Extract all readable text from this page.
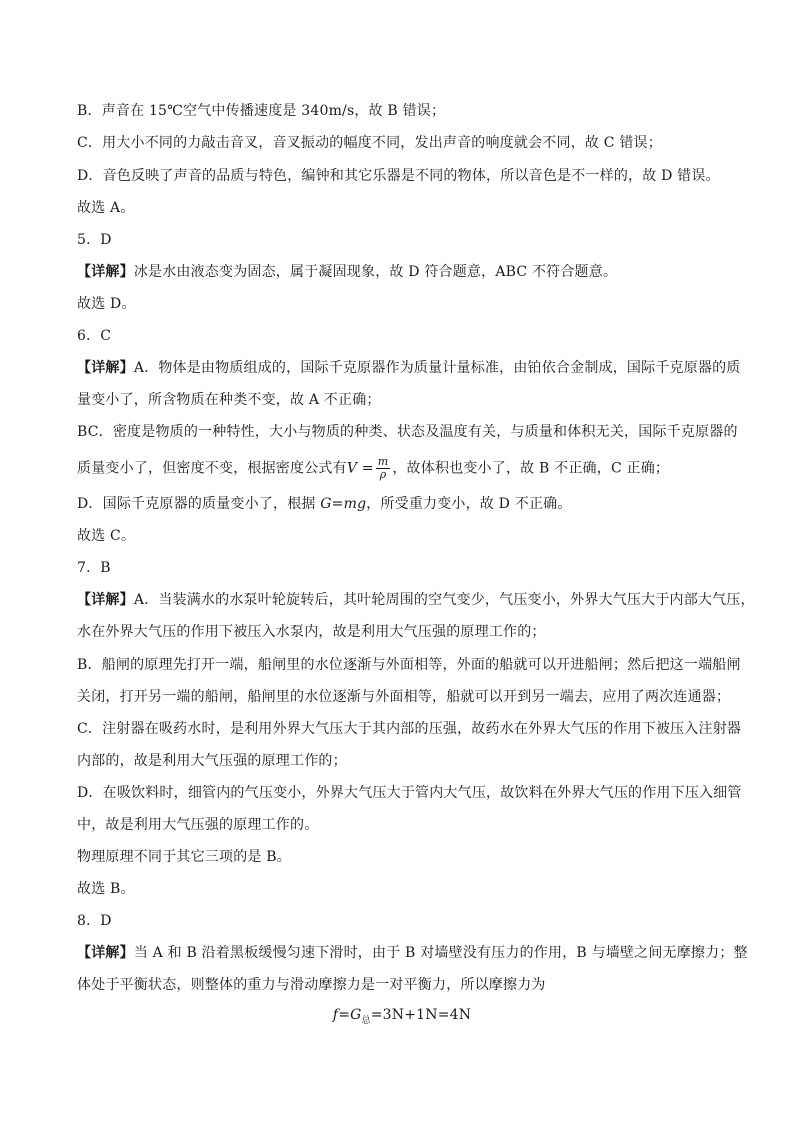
B．声音在 15℃空气中传播速度是 340m/s，故 B 错误；
C．用大小不同的力敲击音叉，音叉振动的幅度不同，发出声音的响度就会不同，故 C 错误；
D．音色反映了声音的品质与特色，编钟和其它乐器是不同的物体，所以音色是不一样的，故 D 错误。
故选 A。
5．D
【详解】冰是水由液态变为固态，属于凝固现象，故 D 符合题意，ABC 不符合题意。
故选 D。
6．C
【详解】A．物体是由物质组成的，国际千克原器作为质量计量标准，由铂依合金制成，国际千克原器的质
量变小了，所含物质在种类不变，故 A 不正确；
BC．密度是物质的一种特性，大小与物质的种类、状态及温度有关，与质量和体积无关，国际千克原器的
质量变小了，但密度不变，根据密度公式有$V = \frac{m}{\rho}$ ，故体积也变小了，故 B 不正确，C 正确；
D．国际千克原器的质量变小了，根据 G=mg，所受重力变小，故 D 不正确。
故选 C。
7．B
【详解】A．当装满水的水泵叶轮旋转后，其叶轮周围的空气变少，气压变小，外界大气压大于内部大气压，
水在外界大气压的作用下被压入水泵内，故是利用大气压强的原理工作的；
B．船闸的原理先打开一端，船闸里的水位逐渐与外面相等，外面的船就可以开进船闸；然后把这一端船闸
关闭，打开另一端的船闸，船闸里的水位逐渐与外面相等，船就可以开到另一端去，应用了两次连通器；
C．注射器在吸药水时，是利用外界大气压大于其内部的压强，故药水在外界大气压的作用下被压入注射器
内部的，故是利用大气压强的原理工作的；
D．在吸饮料时，细管内的气压变小，外界大气压大于管内大气压，故饮料在外界大气压的作用下压入细管
中，故是利用大气压强的原理工作的。
物理原理不同于其它三项的是 B。
故选 B。
8．D
【详解】当 A 和 B 沿着黑板缓慢匀速下滑时，由于 B 对墙壁没有压力的作用，B 与墙壁之间无摩擦力；整
体处于平衡状态，则整体的重力与滑动摩擦力是一对平衡力，所以摩擦力为
$f=G_总=3N+1N=4N$
